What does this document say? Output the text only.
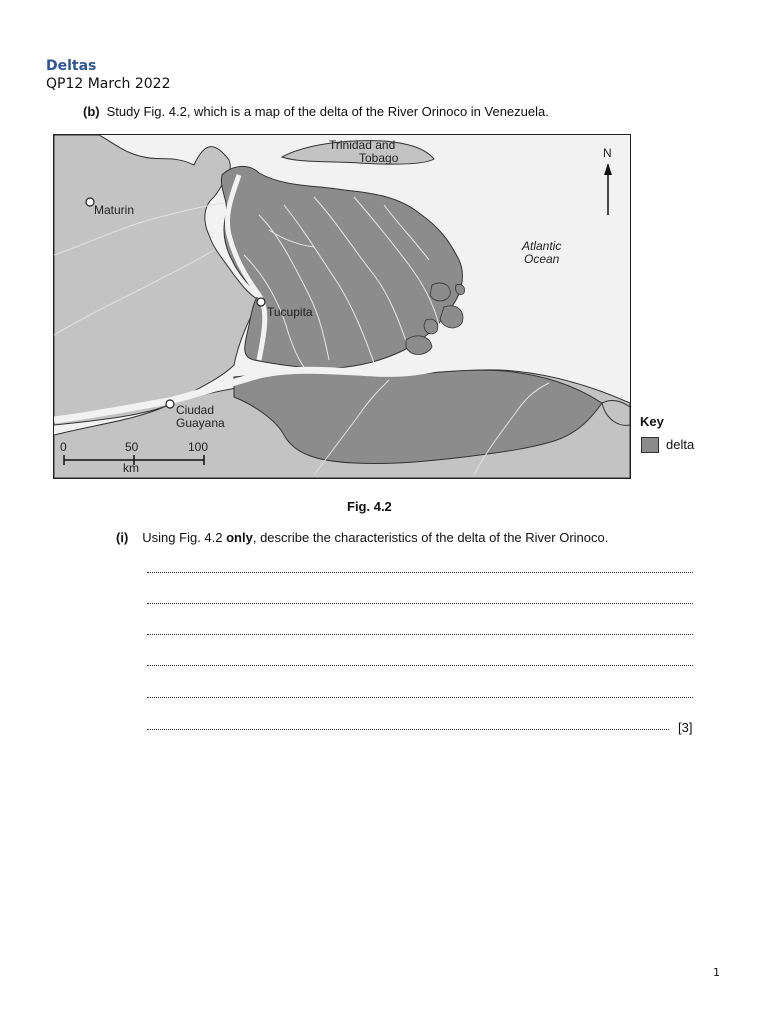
Deltas
QP12 March 2022
(b) Study Fig. 4.2, which is a map of the delta of the River Orinoco in Venezuela.
Maturin
Tucupita
Ciudad
Guayana
Trinidad and
Tobago
Atlantic
Ocean
N
0	50	100
km
Key
delta
Fig. 4.2
(i) Using Fig. 4.2 only, describe the characteristics of the delta of the River Orinoco.
[3]
1
